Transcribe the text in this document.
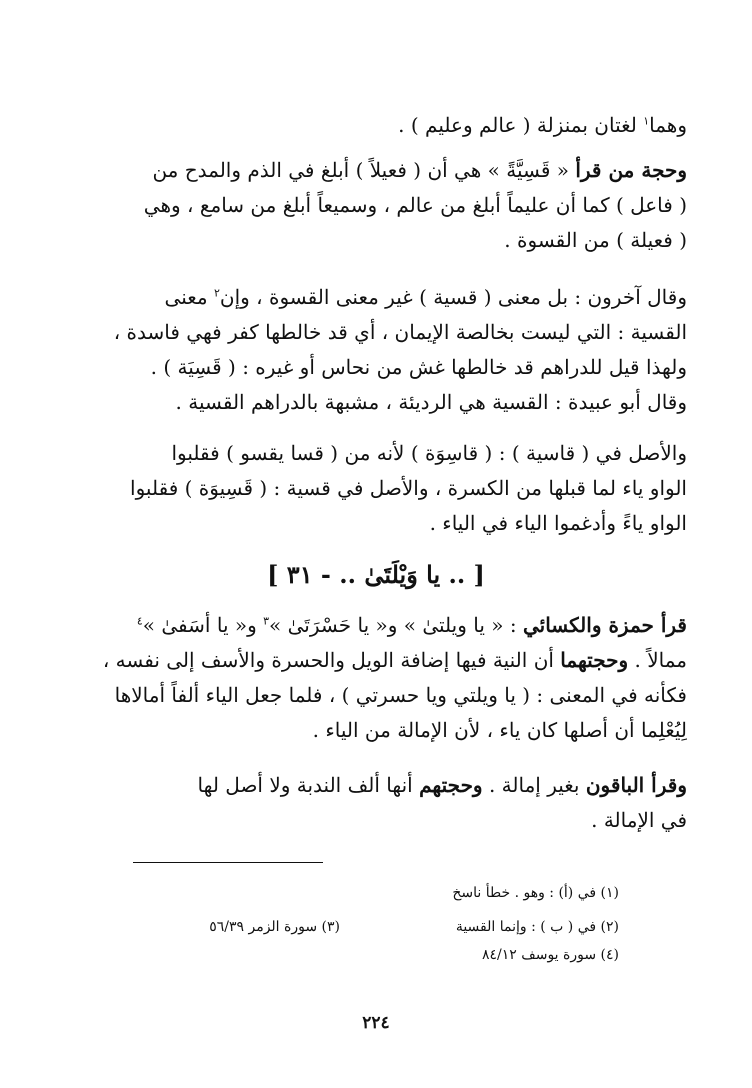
وهما$^١$ لغتان بمنزلة ( عالم وعليم ) .
وحجة من قرأ « قَسِيَّةً » هي أن ( فعيلاً ) أبلغ في الذم والمدح من
( فاعل ) كما أن عليماً أبلغ من عالم ، وسميعاً أبلغ من سامع ، وهي
( فعيلة ) من القسوة .
وقال آخرون : بل معنى ( قسية ) غير معنى القسوة ، وإن$^٢$ معنى
القسية : التي ليست بخالصة الإيمان ، أي قد خالطها كفر فهي فاسدة ،
ولهذا قيل للدراهم قد خالطها غش من نحاس أو غيره : ( قَسِيَة ) .
وقال أبو عبيدة : القسية هي الرديئة ، مشبهة بالدراهم القسية .
والأصل في ( قاسية ) : ( قاسِوَة ) لأنه من ( قسا يقسو ) فقلبوا
الواو ياء لما قبلها من الكسرة ، والأصل في قسية : ( قَسِيوَة ) فقلبوا
الواو ياءً وأدغموا الياء في الياء .
[ .. يا وَيْلَتَىٰ .. - ٣١ ]
قرأ حمزة والكسائي : « يا ويلتىٰ » و« يا حَسْرَتَىٰ »$^٣$ و« يا أسَفىٰ »$^٤$
ممالاً . وحجتهما أن النية فيها إضافة الويل والحسرة والأسف إلى نفسه ،
فكأنه في المعنى : ( يا ويلتي ويا حسرتي ) ، فلما جعل الياء ألفاً أمالاها
لِيُعْلِما أن أصلها كان ياء ، لأن الإمالة من الياء .
وقرأ الباقون بغير إمالة . وحجتهم أنها ألف الندبة ولا أصل لها
في الإمالة .
(١) في (أ) : وهو . خطأ ناسخ
(٢) في ( ب ) : وإنما القسية
(٣) سورة الزمر ٥٦/٣٩
(٤) سورة يوسف ٨٤/١٢
٢٢٤
